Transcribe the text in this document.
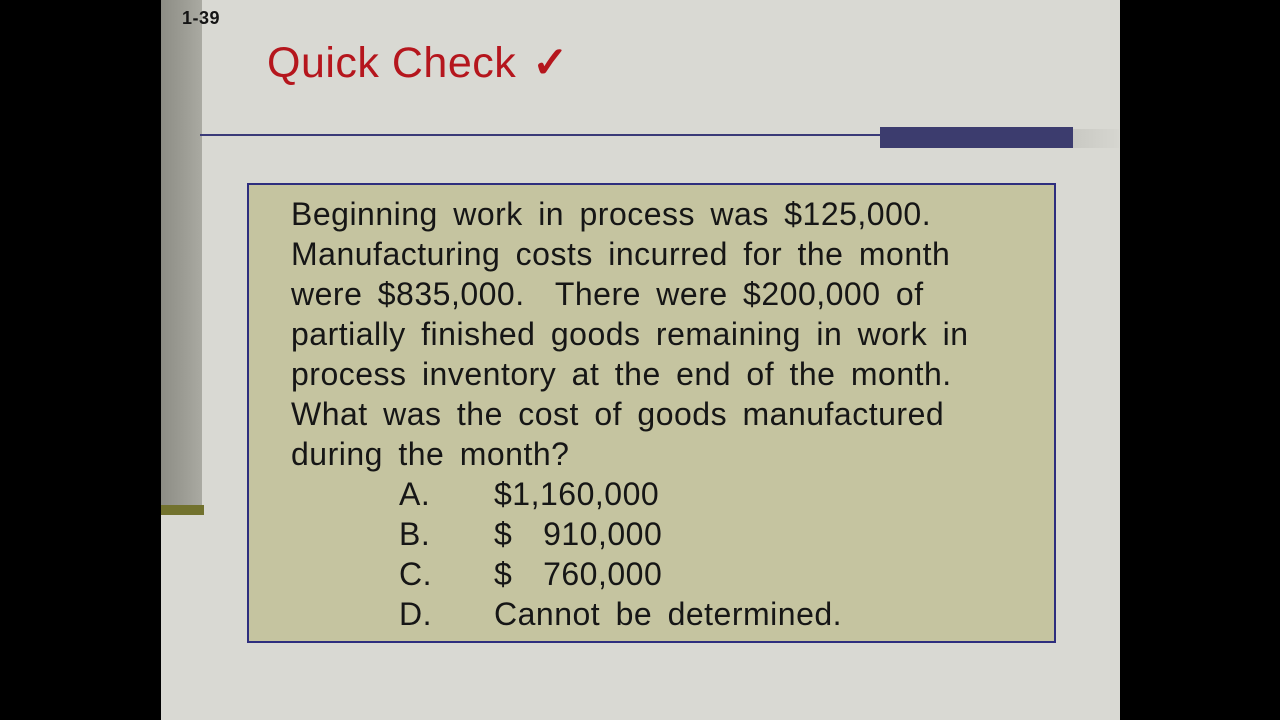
1-39
Quick Check ✓
Beginning work in process was $125,000.
Manufacturing costs incurred for the month
were $835,000.  There were $200,000 of
partially finished goods remaining in work in
process inventory at the end of the month.
What was the cost of goods manufactured
during the month?
A. $1,160,000
B. $  910,000
C. $  760,000
D. Cannot be determined.
